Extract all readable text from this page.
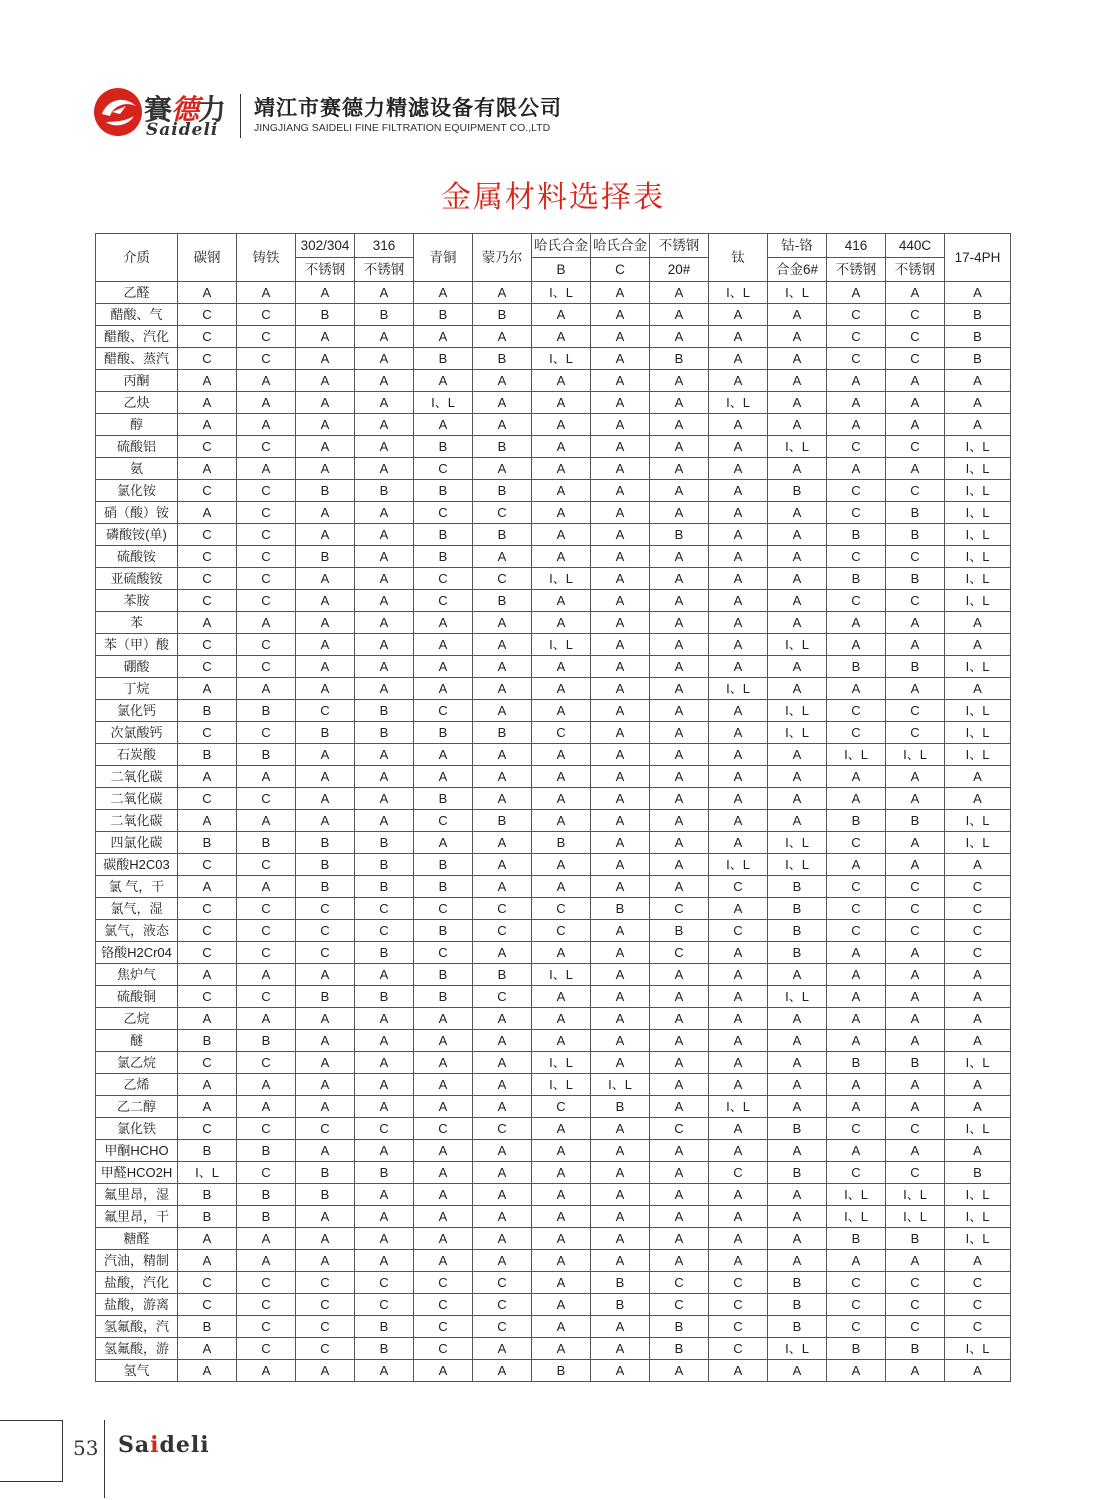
賽德力
Saideli
靖江市赛德力精滤设备有限公司
JINGJIANG SAIDELI FINE FILTRATION EQUIPMENT CO.,LTD
金属材料选择表
介质	碳钢	铸铁	302/304	316	青铜	蒙乃尔	哈氏合金	哈氏合金	不锈钢	钛	钴-铬	416	440C	17-4PH
			不锈钢	不锈钢			B	C	20#		合金6#	不锈钢	不锈钢	
乙醛	A	A	A	A	A	A	I、L	A	A	I、L	I、L	A	A	A
醋酸、气	C	C	B	B	B	B	A	A	A	A	A	C	C	B
醋酸、汽化	C	C	A	A	A	A	A	A	A	A	A	C	C	B
醋酸、蒸汽	C	C	A	A	B	B	I、L	A	B	A	A	C	C	B
丙酮	A	A	A	A	A	A	A	A	A	A	A	A	A	A
乙炔	A	A	A	A	I、L	A	A	A	A	I、L	A	A	A	A
醇	A	A	A	A	A	A	A	A	A	A	A	A	A	A
硫酸铝	C	C	A	A	B	B	A	A	A	A	I、L	C	C	I、L
氨	A	A	A	A	C	A	A	A	A	A	A	A	A	I、L
氯化铵	C	C	B	B	B	B	A	A	A	A	B	C	C	I、L
硝（酸）铵	A	C	A	A	C	C	A	A	A	A	A	C	B	I、L
磷酸铵(单)	C	C	A	A	B	B	A	A	B	A	A	B	B	I、L
硫酸铵	C	C	B	A	B	A	A	A	A	A	A	C	C	I、L
亚硫酸铵	C	C	A	A	C	C	I、L	A	A	A	A	B	B	I、L
苯胺	C	C	A	A	C	B	A	A	A	A	A	C	C	I、L
苯	A	A	A	A	A	A	A	A	A	A	A	A	A	A
苯（甲）酸	C	C	A	A	A	A	I、L	A	A	A	I、L	A	A	A
硼酸	C	C	A	A	A	A	A	A	A	A	A	B	B	I、L
丁烷	A	A	A	A	A	A	A	A	A	I、L	A	A	A	A
氯化钙	B	B	C	B	C	A	A	A	A	A	I、L	C	C	I、L
次氯酸钙	C	C	B	B	B	B	C	A	A	A	I、L	C	C	I、L
石炭酸	B	B	A	A	A	A	A	A	A	A	A	I、L	I、L	I、L
二氧化碳	A	A	A	A	A	A	A	A	A	A	A	A	A	A
二氧化碳	C	C	A	A	B	A	A	A	A	A	A	A	A	A
二氧化碳	A	A	A	A	C	B	A	A	A	A	A	B	B	I、L
四氯化碳	B	B	B	B	A	A	B	A	A	A	I、L	C	A	I、L
碳酸H2C03	C	C	B	B	B	A	A	A	A	I、L	I、L	A	A	A
氯 气，干	A	A	B	B	B	A	A	A	A	C	B	C	C	C
氯气，湿	C	C	C	C	C	C	C	B	C	A	B	C	C	C
氯气，液态	C	C	C	C	B	C	C	A	B	C	B	C	C	C
铬酸H2Cr04	C	C	C	B	C	A	A	A	C	A	B	A	A	C
焦炉气	A	A	A	A	B	B	I、L	A	A	A	A	A	A	A
硫酸铜	C	C	B	B	B	C	A	A	A	A	I、L	A	A	A
乙烷	A	A	A	A	A	A	A	A	A	A	A	A	A	A
醚	B	B	A	A	A	A	A	A	A	A	A	A	A	A
氯乙烷	C	C	A	A	A	A	I、L	A	A	A	A	B	B	I、L
乙烯	A	A	A	A	A	A	I、L	I、L	A	A	A	A	A	A
乙二醇	A	A	A	A	A	A	C	B	A	I、L	A	A	A	A
氯化铁	C	C	C	C	C	C	A	A	C	A	B	C	C	I、L
甲酮HCHO	B	B	A	A	A	A	A	A	A	A	A	A	A	A
甲醛HCO2H	I、L	C	B	B	A	A	A	A	A	C	B	C	C	B
氟里昂，湿	B	B	B	A	A	A	A	A	A	A	A	I、L	I、L	I、L
氟里昂，干	B	B	A	A	A	A	A	A	A	A	A	I、L	I、L	I、L
糖醛	A	A	A	A	A	A	A	A	A	A	A	B	B	I、L
汽油，精制	A	A	A	A	A	A	A	A	A	A	A	A	A	A
盐酸，汽化	C	C	C	C	C	C	A	B	C	C	B	C	C	C
盐酸，游离	C	C	C	C	C	C	A	B	C	C	B	C	C	C
氢氟酸，汽	B	C	C	B	C	C	A	A	B	C	B	C	C	C
氢氟酸，游	A	C	C	B	C	A	A	A	B	C	I、L	B	B	I、L
氢气	A	A	A	A	A	A	B	A	A	A	A	A	A	A
53 Saideli
